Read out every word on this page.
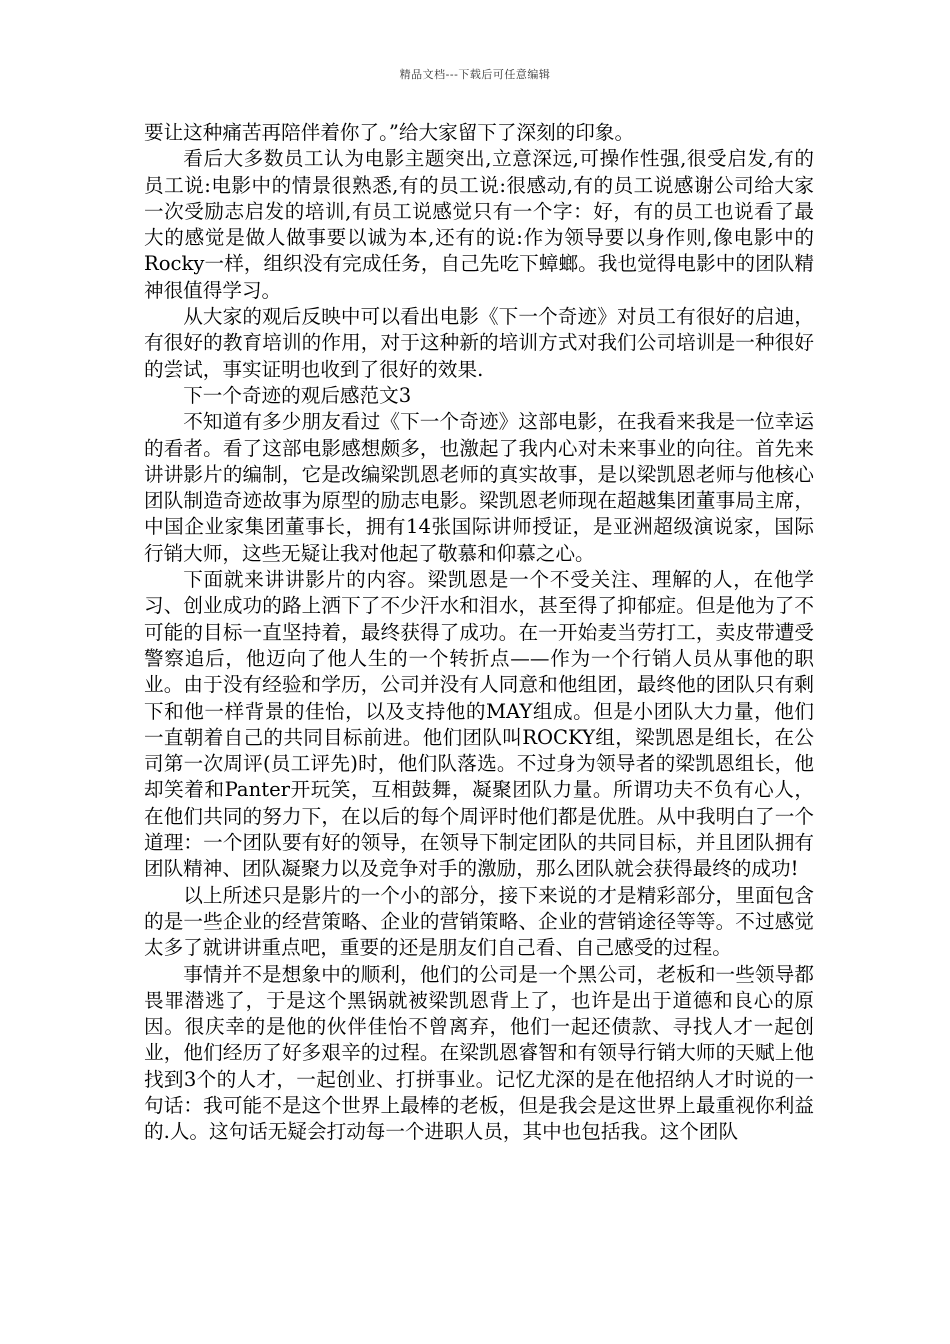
精品文档---下载后可任意编辑

要让这种痛苦再陪伴着你了。”给大家留下了深刻的印象。

看后大多数员工认为电影主题突出,立意深远,可操作性强,很受启发,有的员工说:电影中的情景很熟悉,有的员工说:很感动,有的员工说感谢公司给大家一次受励志启发的培训,有员工说感觉只有一个字：好，有的员工也说看了最大的感觉是做人做事要以诚为本,还有的说:作为领导要以身作则,像电影中的Rocky一样，组织没有完成任务，自己先吃下蟑螂。我也觉得电影中的团队精神很值得学习。

从大家的观后反映中可以看出电影《下一个奇迹》对员工有很好的启迪，有很好的教育培训的作用，对于这种新的培训方式对我们公司培训是一种很好的尝试，事实证明也收到了很好的效果.

下一个奇迹的观后感范文3

不知道有多少朋友看过《下一个奇迹》这部电影，在我看来我是一位幸运的看者。看了这部电影感想颇多，也激起了我内心对未来事业的向往。首先来讲讲影片的编制，它是改编梁凯恩老师的真实故事，是以梁凯恩老师与他核心团队制造奇迹故事为原型的励志电影。梁凯恩老师现在超越集团董事局主席，中国企业家集团董事长，拥有14张国际讲师授证，是亚洲超级演说家，国际行销大师，这些无疑让我对他起了敬慕和仰慕之心。

下面就来讲讲影片的内容。梁凯恩是一个不受关注、理解的人，在他学习、创业成功的路上洒下了不少汗水和泪水，甚至得了抑郁症。但是他为了不可能的目标一直坚持着，最终获得了成功。在一开始麦当劳打工，卖皮带遭受警察追后，他迈向了他人生的一个转折点——作为一个行销人员从事他的职业。由于没有经验和学历，公司并没有人同意和他组团，最终他的团队只有剩下和他一样背景的佳怡，以及支持他的MAY组成。但是小团队大力量，他们一直朝着自己的共同目标前进。他们团队叫ROCKY组，梁凯恩是组长，在公司第一次周评(员工评先)时，他们队落选。不过身为领导者的梁凯恩组长，他却笑着和Panter开玩笑，互相鼓舞，凝聚团队力量。所谓功夫不负有心人，在他们共同的努力下，在以后的每个周评时他们都是优胜。从中我明白了一个道理：一个团队要有好的领导，在领导下制定团队的共同目标，并且团队拥有团队精神、团队凝聚力以及竞争对手的激励，那么团队就会获得最终的成功!

以上所述只是影片的一个小的部分，接下来说的才是精彩部分，里面包含的是一些企业的经营策略、企业的营销策略、企业的营销途径等等。不过感觉太多了就讲讲重点吧，重要的还是朋友们自己看、自己感受的过程。

事情并不是想象中的顺利，他们的公司是一个黑公司，老板和一些领导都畏罪潜逃了，于是这个黑锅就被梁凯恩背上了，也许是出于道德和良心的原因。很庆幸的是他的伙伴佳怡不曾离弃，他们一起还债款、寻找人才一起创业，他们经历了好多艰辛的过程。在梁凯恩睿智和有领导行销大师的天赋上他找到3个的人才，一起创业、打拼事业。记忆尤深的是在他招纳人才时说的一句话：我可能不是这个世界上最棒的老板，但是我会是这世界上最重视你利益的.人。这句话无疑会打动每一个进职人员，其中也包括我。这个团队
